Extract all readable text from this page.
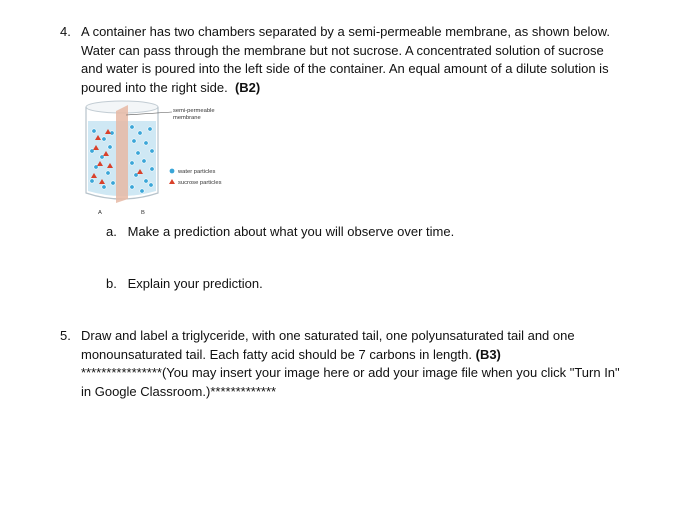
4. A container has two chambers separated by a semi-permeable membrane, as shown below.
Water can pass through the membrane but not sucrose. A concentrated solution of sucrose
and water is poured into the left side of the container. An equal amount of a dilute solution is
poured into the right side. (B2)
semi-permeable
membrane
water particles
sucrose particles
A	B
a. Make a prediction about what you will observe over time.
b. Explain your prediction.
5. Draw and label a triglyceride, with one saturated tail, one polyunsaturated tail and one
monounsaturated tail. Each fatty acid should be 7 carbons in length. (B3)
****************(You may insert your image here or add your image file when you click "Turn In"
in Google Classroom.)*************
